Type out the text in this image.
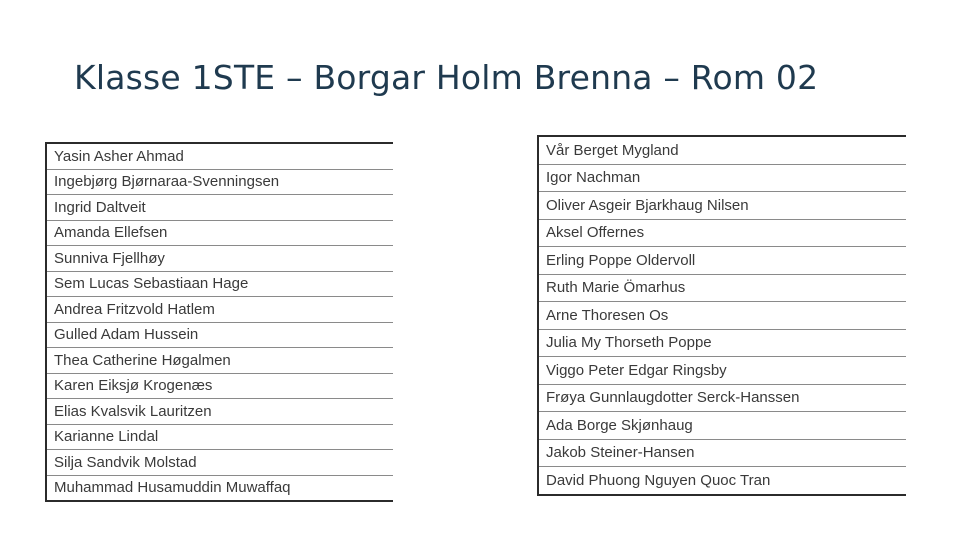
Klasse 1STE – Borgar Holm Brenna – Rom 02
Yasin Asher Ahmad
Ingebjørg Bjørnaraa-Svenningsen
Ingrid Daltveit
Amanda Ellefsen
Sunniva Fjellhøy
Sem Lucas Sebastiaan Hage
Andrea Fritzvold Hatlem
Gulled Adam Hussein
Thea Catherine Høgalmen
Karen Eiksjø Krogenæs
Elias Kvalsvik Lauritzen
Karianne Lindal
Silja Sandvik Molstad
Muhammad Husamuddin Muwaffaq
Vår Berget Mygland
Igor Nachman
Oliver Asgeir Bjarkhaug Nilsen
Aksel Offernes
Erling Poppe Oldervoll
Ruth Marie Ömarhus
Arne Thoresen Os
Julia My Thorseth Poppe
Viggo Peter Edgar Ringsby
Frøya Gunnlaugdotter Serck-Hanssen
Ada Borge Skjønhaug
Jakob Steiner-Hansen
David Phuong Nguyen Quoc Tran
